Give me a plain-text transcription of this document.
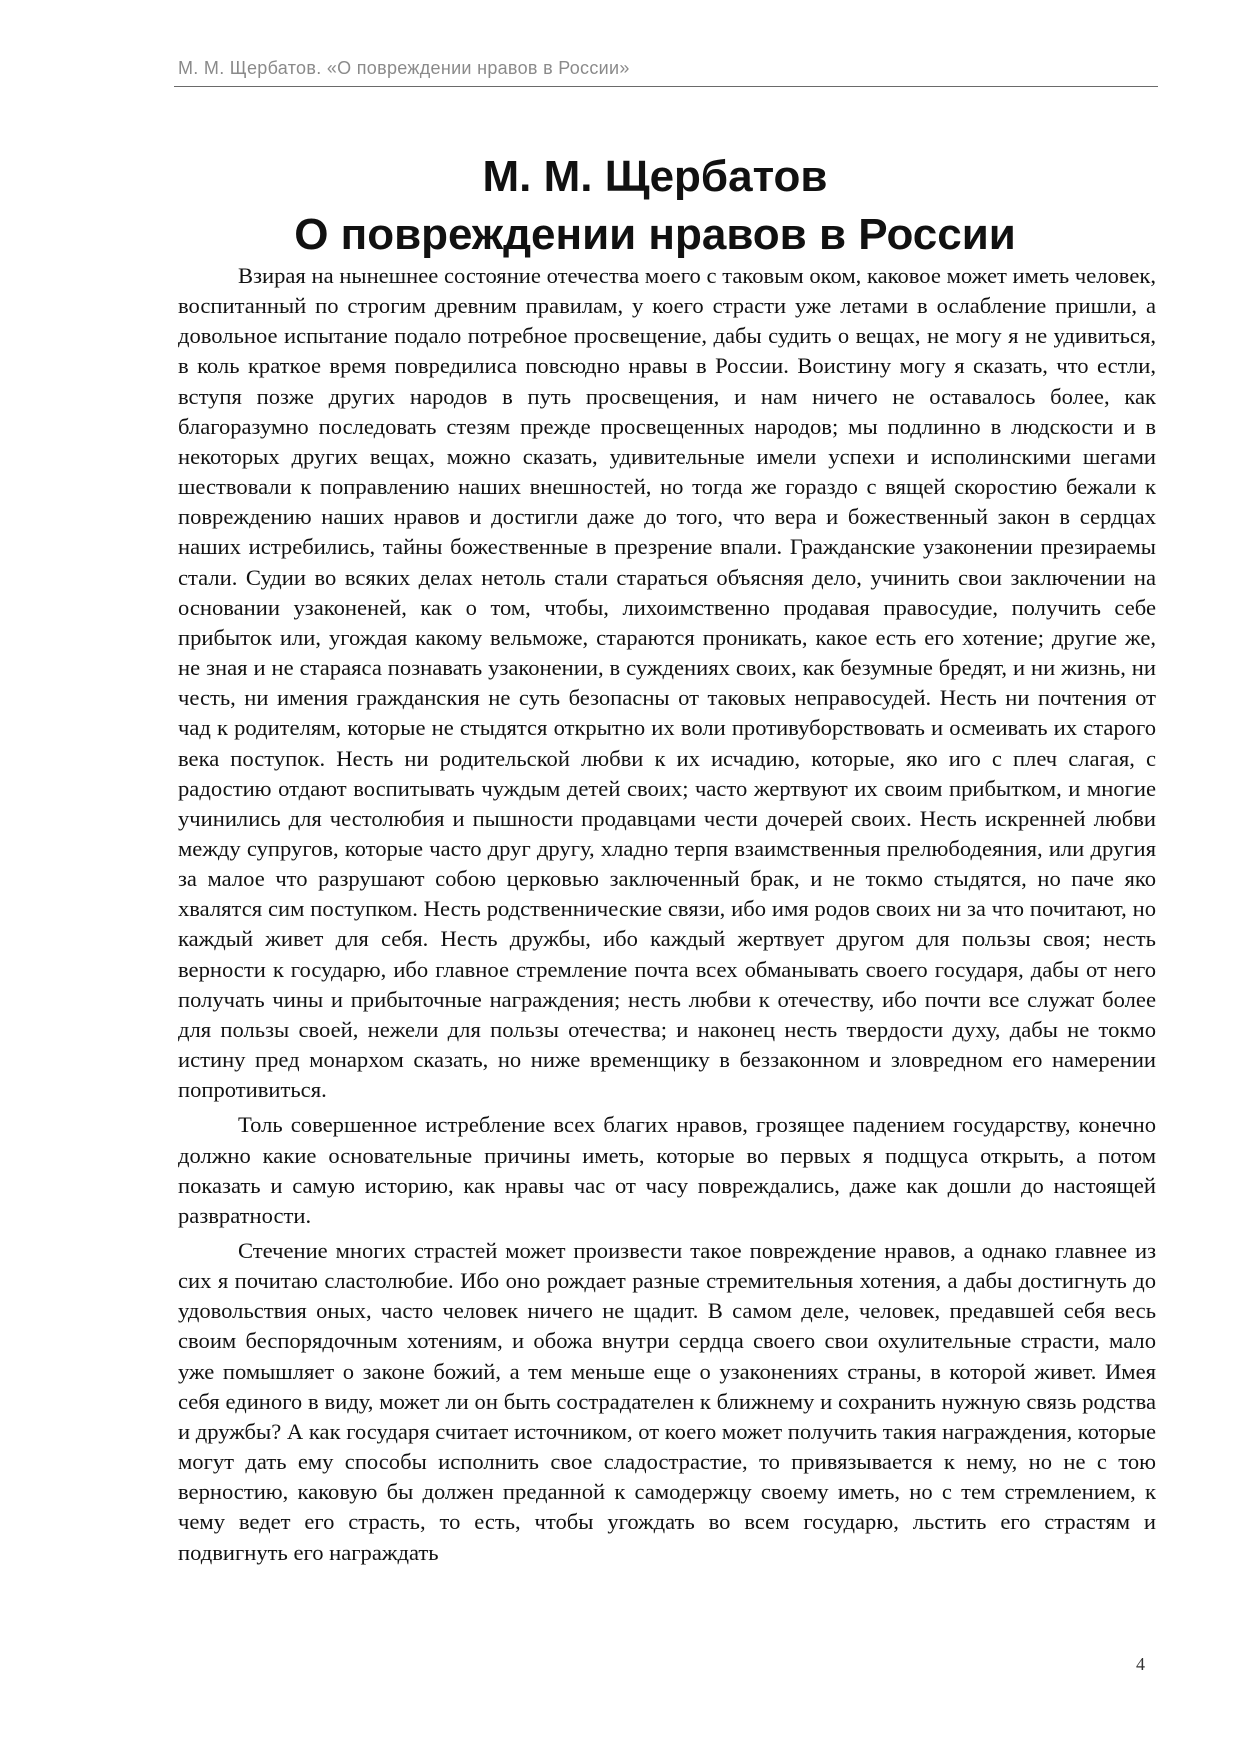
М. М. Щербатов. «О повреждении нравов в России»
М. М. Щербатов
О повреждении нравов в России

Взирая на нынешнее состояние отечества моего с таковым оком, каковое может иметь человек, воспитанный по строгим древним правилам, у коего страсти уже летами в ослабление пришли, а довольное испытание подало потребное просвещение, дабы судить о вещах, не могу я не удивиться, в коль краткое время повредилиса повсюдно нравы в России. Воистину могу я сказать, что естли, вступя позже других народов в путь просвещения, и нам ничего не оставалось более, как благоразумно последовать стезям прежде просвещенных народов; мы подлинно в людскости и в некоторых других вещах, можно сказать, удивительные имели успехи и исполинскими шегами шествовали к поправлению наших внешностей, но тогда же гораздо с вящей скоростию бежали к повреждению наших нравов и достигли даже до того, что вера и божественный закон в сердцах наших истребились, тайны божественные в презрение впали. Гражданские узаконении презираемы стали. Судии во всяких делах нетоль стали стараться объясняя дело, учинить свои заключении на основании узаконеней, как о том, чтобы, лихоимственно продавая правосудие, получить себе прибыток или, угождая какому вельможе, стараются проникать, какое есть его хотение; другие же, не зная и не стараяса познавать узаконении, в суждениях своих, как безумные бредят, и ни жизнь, ни честь, ни имения гражданския не суть безопасны от таковых неправосудей. Несть ни почтения от чад к родителям, которые не стыдятся открытно их воли противуборствовать и осмеивать их старого века поступок. Несть ни родительской любви к их исчадию, которые, яко иго с плеч слагая, с радостию отдают воспитывать чуждым детей своих; часто жертвуют их своим прибытком, и многие учинились для честолюбия и пышности продавцами чести дочерей своих. Несть искренней любви между супругов, которые часто друг другу, хладно терпя взаимственныя прелюбодеяния, или другия за малое что разрушают собою церковью заключенный брак, и не токмо стыдятся, но паче яко хвалятся сим поступком. Несть родственнические связи, ибо имя родов своих ни за что почитают, но каждый живет для себя. Несть дружбы, ибо каждый жертвует другом для пользы своя; несть верности к государю, ибо главное стремление почта всех обманывать своего государя, дабы от него получать чины и прибыточные награждения; несть любви к отечеству, ибо почти все служат более для пользы своей, нежели для пользы отечества; и наконец несть твердости духу, дабы не токмо истину пред монархом сказать, но ниже временщику в беззаконном и зловредном его намерении попротивиться.

Толь совершенное истребление всех благих нравов, грозящее падением государству, конечно должно какие основательные причины иметь, которые во первых я подщуса открыть, а потом показать и самую историю, как нравы час от часу повреждались, даже как дошли до настоящей развратности.

Стечение многих страстей может произвести такое повреждение нравов, а однако главнее из сих я почитаю сластолюбие. Ибо оно рождает разные стремительныя хотения, а дабы достигнуть до удовольствия оных, часто человек ничего не щадит. В самом деле, человек, предавшей себя весь своим беспорядочным хотениям, и обожа внутри сердца своего свои охулительные страсти, мало уже помышляет о законе божий, а тем меньше еще о узаконениях страны, в которой живет. Имея себя единого в виду, может ли он быть сострадателен к ближнему и сохранить нужную связь родства и дружбы? А как государя считает источником, от коего может получить такия награждения, которые могут дать ему способы исполнить свое сладострастие, то привязывается к нему, но не с тою верностию, каковую бы должен преданной к самодержцу своему иметь, но с тем стремлением, к чему ведет его страсть, то есть, чтобы угождать во всем государю, льстить его страстям и подвигнуть его награждать

4
